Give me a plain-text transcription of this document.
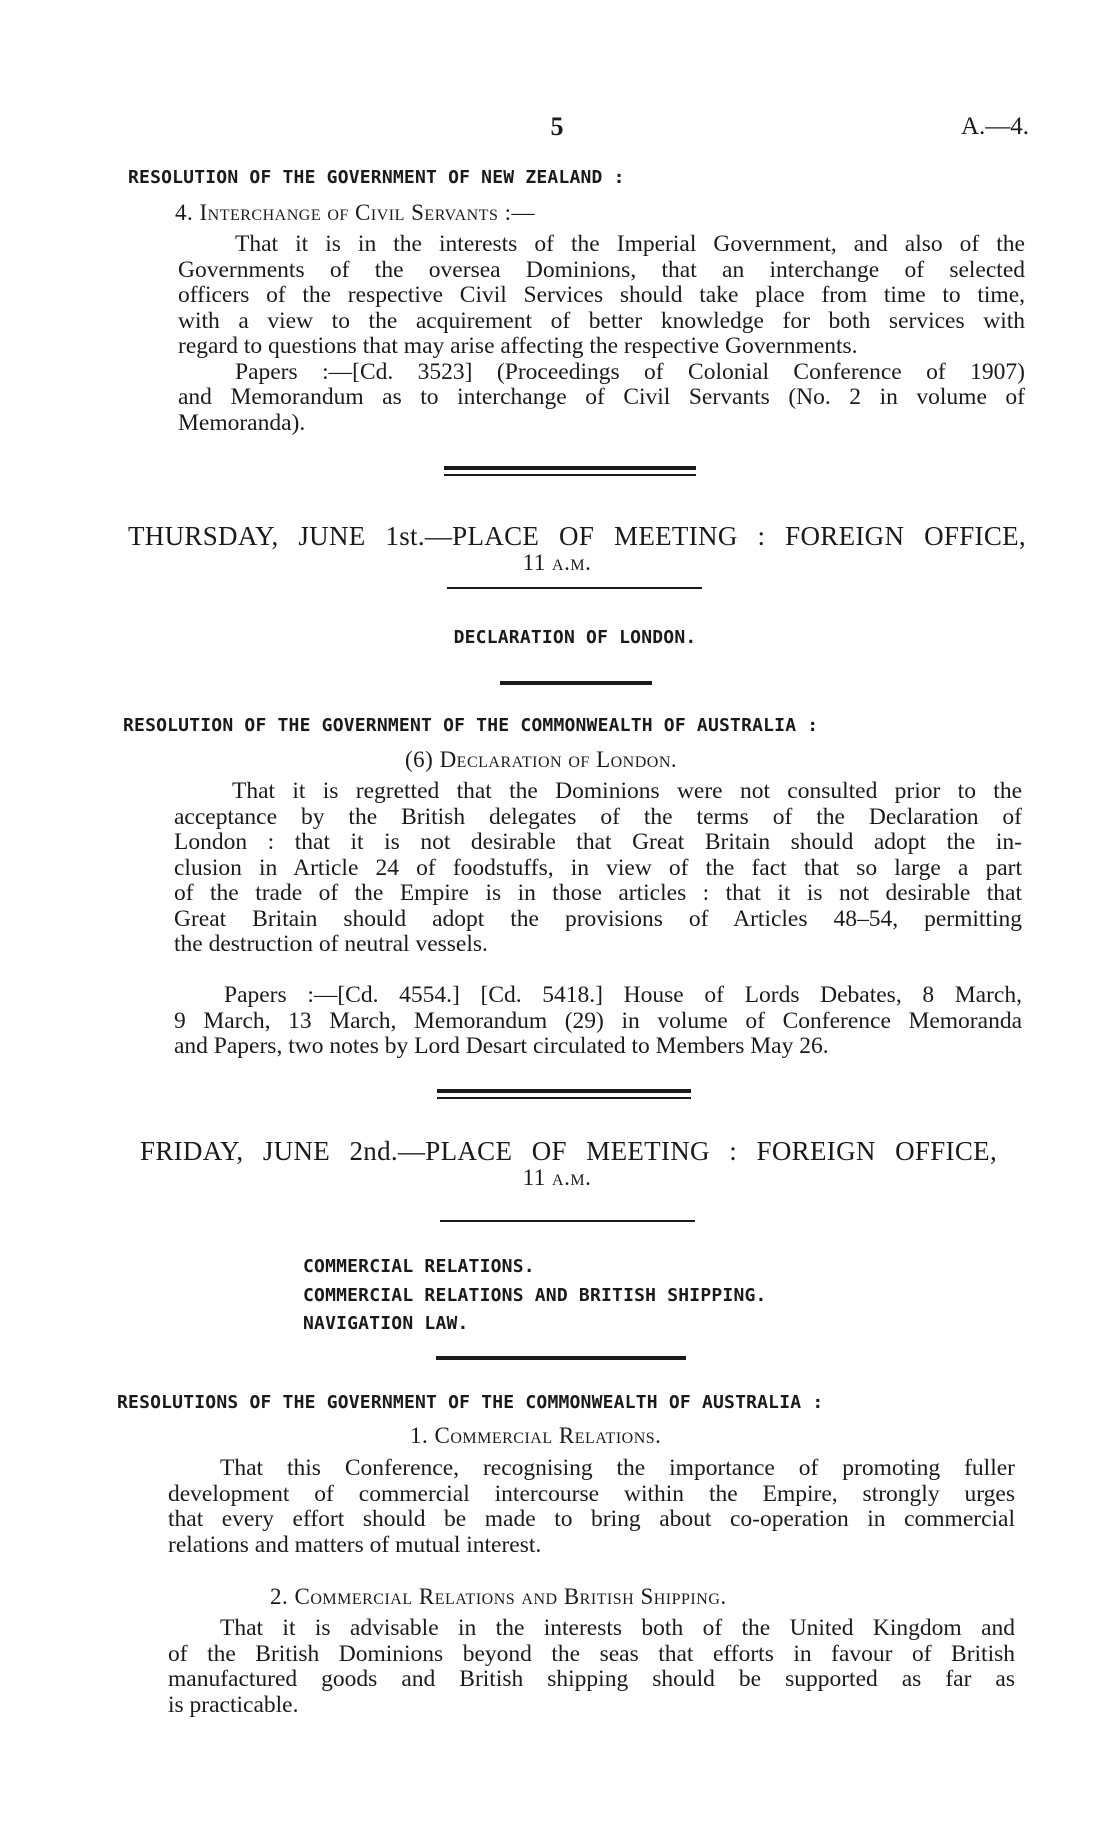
5	A.—4.
RESOLUTION OF THE GOVERNMENT OF NEW ZEALAND :
4. Interchange of Civil Servants :—
That it is in the interests of the Imperial Government, and also of the
Governments of the oversea Dominions, that an interchange of selected
officers of the respective Civil Services should take place from time to time,
with a view to the acquirement of better knowledge for both services with
regard to questions that may arise affecting the respective Governments.
Papers :—[Cd. 3523] (Proceedings of Colonial Conference of 1907)
and Memorandum as to interchange of Civil Servants (No. 2 in volume of
Memoranda).
THURSDAY, JUNE 1st.—PLACE OF MEETING : FOREIGN OFFICE,
11 a.m.
DECLARATION OF LONDON.
RESOLUTION OF THE GOVERNMENT OF THE COMMONWEALTH OF AUSTRALIA :
(6) Declaration of London.
That it is regretted that the Dominions were not consulted prior to the
acceptance by the British delegates of the terms of the Declaration of
London : that it is not desirable that Great Britain should adopt the in-
clusion in Article 24 of foodstuffs, in view of the fact that so large a part
of the trade of the Empire is in those articles : that it is not desirable that
Great Britain should adopt the provisions of Articles 48–54, permitting
the destruction of neutral vessels.
Papers :—[Cd. 4554.] [Cd. 5418.] House of Lords Debates, 8 March,
9 March, 13 March, Memorandum (29) in volume of Conference Memoranda
and Papers, two notes by Lord Desart circulated to Members May 26.
FRIDAY, JUNE 2nd.—PLACE OF MEETING : FOREIGN OFFICE,
11 a.m.
COMMERCIAL RELATIONS.
COMMERCIAL RELATIONS AND BRITISH SHIPPING.
NAVIGATION LAW.
RESOLUTIONS OF THE GOVERNMENT OF THE COMMONWEALTH OF AUSTRALIA :
1. Commercial Relations.
That this Conference, recognising the importance of promoting fuller
development of commercial intercourse within the Empire, strongly urges
that every effort should be made to bring about co-operation in commercial
relations and matters of mutual interest.
2. Commercial Relations and British Shipping.
That it is advisable in the interests both of the United Kingdom and
of the British Dominions beyond the seas that efforts in favour of British
manufactured goods and British shipping should be supported as far as
is practicable.
